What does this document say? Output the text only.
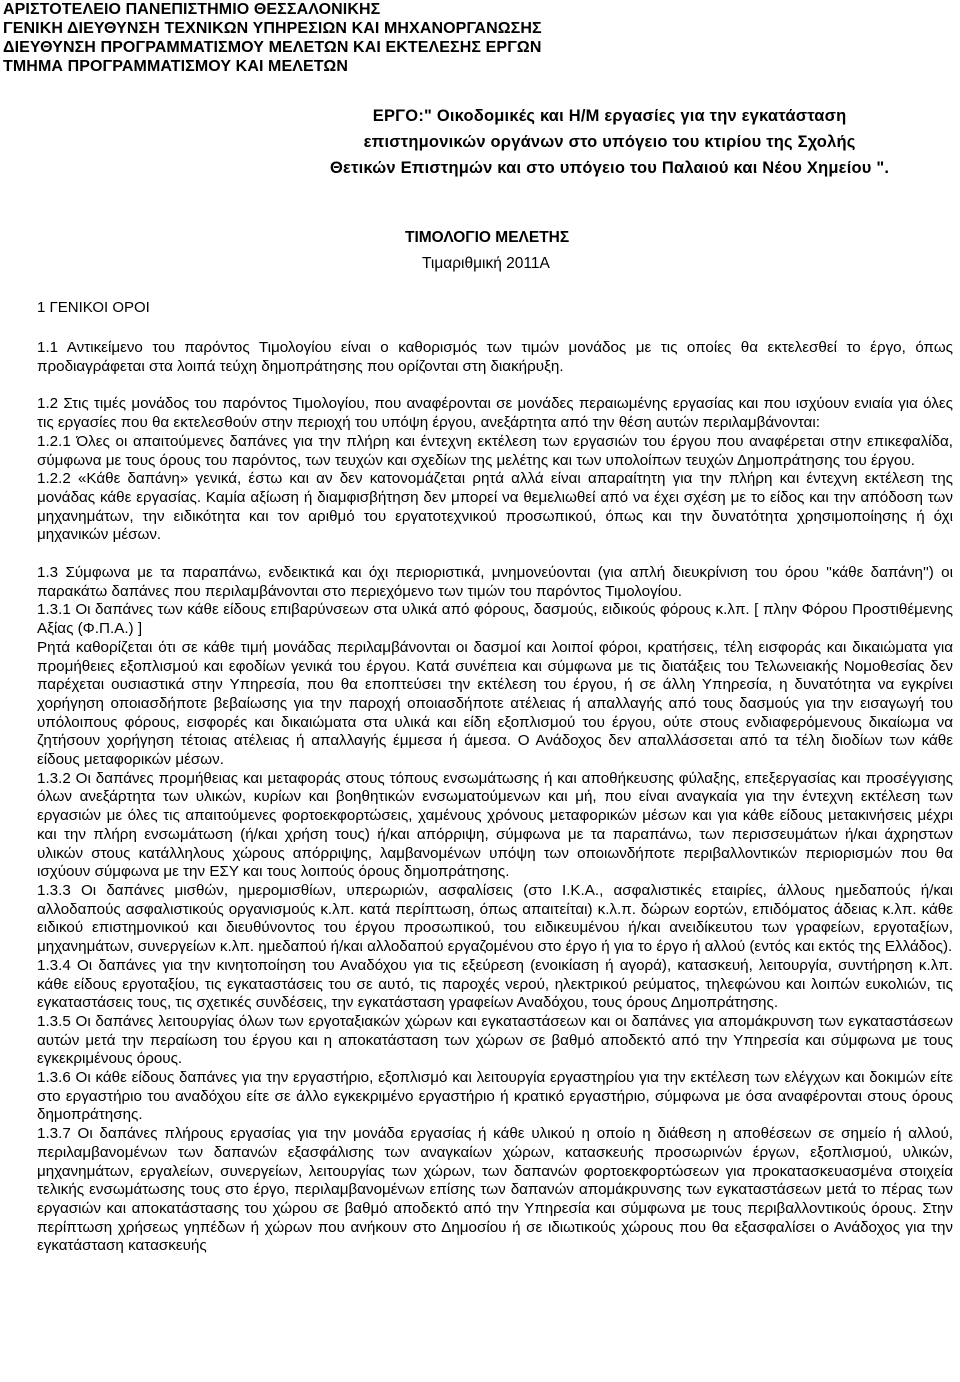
ΑΡΙΣΤΟΤΕΛΕΙΟ ΠΑΝΕΠΙΣΤΗΜΙΟ ΘΕΣΣΑΛΟΝΙΚΗΣ
ΓΕΝΙΚΗ ΔΙΕΥΘΥΝΣΗ ΤΕΧΝΙΚΩΝ ΥΠΗΡΕΣΙΩΝ ΚΑΙ ΜΗΧΑΝΟΡΓΑΝΩΣΗΣ
ΔΙΕΥΘΥΝΣΗ ΠΡΟΓΡΑΜΜΑΤΙΣΜΟΥ ΜΕΛΕΤΩΝ ΚΑΙ ΕΚΤΕΛΕΣΗΣ ΕΡΓΩΝ
ΤΜΗΜΑ ΠΡΟΓΡΑΜΜΑΤΙΣΜΟΥ ΚΑΙ ΜΕΛΕΤΩΝ
ΕΡΓΟ:" Οικοδομικές και Η/Μ εργασίες για την εγκατάσταση
επιστημονικών οργάνων στο υπόγειο του κτιρίου της Σχολής
Θετικών Επιστημών και στο υπόγειο του Παλαιού και Νέου Χημείου ".
ΤΙΜΟΛΟΓΙΟ ΜΕΛΕΤΗΣ
Τιμαριθμική 2011Α
1 ΓΕΝΙΚΟΙ ΟΡΟΙ

1.1 Αντικείμενο του παρόντος Τιμολογίου είναι ο καθορισμός των τιμών μονάδος με τις οποίες θα εκτελεσθεί το έργο, όπως προδιαγράφεται στα λοιπά τεύχη δημοπράτησης που ορίζονται στη διακήρυξη.

1.2 Στις τιμές μονάδος του παρόντος Τιμολογίου, που αναφέρονται σε μονάδες περαιωμένης εργασίας και που ισχύουν ενιαία για όλες τις εργασίες που θα εκτελεσθούν στην περιοχή του υπόψη έργου, ανεξάρτητα από την θέση αυτών περιλαμβάνονται:

1.2.1 Όλες οι απαιτούμενες δαπάνες για την πλήρη και έντεχνη εκτέλεση των εργασιών του έργου που αναφέρεται στην επικεφαλίδα, σύμφωνα με τους όρους του παρόντος, των τευχών και σχεδίων της μελέτης και των υπολοίπων τευχών Δημοπράτησης του έργου.

1.2.2 «Κάθε δαπάνη» γενικά, έστω και αν δεν κατονομάζεται ρητά αλλά είναι απαραίτητη για την πλήρη και έντεχνη εκτέλεση της μονάδας κάθε εργασίας. Καμία αξίωση ή διαμφισβήτηση δεν μπορεί να θεμελιωθεί από να έχει σχέση με το είδος και την απόδοση των μηχανημάτων, την ειδικότητα και τον αριθμό του εργατοτεχνικού προσωπικού, όπως και την δυνατότητα χρησιμοποίησης ή όχι μηχανικών μέσων.

1.3 Σύμφωνα με τα παραπάνω, ενδεικτικά και όχι περιοριστικά, μνημονεύονται (για απλή διευκρίνιση του όρου ''κάθε δαπάνη'') οι παρακάτω δαπάνες που περιλαμβάνονται στο περιεχόμενο των τιμών του παρόντος Τιμολογίου.

1.3.1 Οι δαπάνες των κάθε είδους επιβαρύνσεων στα υλικά από φόρους, δασμούς, ειδικούς φόρους κ.λπ. [ πλην Φόρου Προστιθέμενης Αξίας (Φ.Π.Α.) ]

Ρητά καθορίζεται ότι σε κάθε τιμή μονάδας περιλαμβάνονται οι δασμοί και λοιποί φόροι, κρατήσεις, τέλη εισφοράς και δικαιώματα για προμήθειες εξοπλισμού και εφοδίων γενικά του έργου. Κατά συνέπεια και σύμφωνα με τις διατάξεις του Τελωνειακής Νομοθεσίας δεν παρέχεται ουσιαστικά στην Υπηρεσία, που θα εποπτεύσει την εκτέλεση του έργου, ή σε άλλη Υπηρεσία, η δυνατότητα να εγκρίνει χορήγηση οποιασδήποτε βεβαίωσης για την παροχή οποιασδήποτε ατέλειας ή απαλλαγής από τους δασμούς για την εισαγωγή του υπόλοιπους φόρους, εισφορές και δικαιώματα στα υλικά και είδη εξοπλισμού του έργου, ούτε στους ενδιαφερόμενους δικαίωμα να ζητήσουν χορήγηση τέτοιας ατέλειας ή απαλλαγής έμμεσα ή άμεσα. Ο Ανάδοχος δεν απαλλάσσεται από τα τέλη διοδίων των κάθε είδους μεταφορικών μέσων.

1.3.2 Οι δαπάνες προμήθειας και μεταφοράς στους τόπους ενσωμάτωσης ή και αποθήκευσης φύλαξης, επεξεργασίας και προσέγγισης όλων ανεξάρτητα των υλικών, κυρίων και βοηθητικών ενσωματούμενων και μή, που είναι αναγκαία για την έντεχνη εκτέλεση των εργασιών με όλες τις απαιτούμενες φορτοεκφορτώσεις, χαμένους χρόνους μεταφορικών μέσων και για κάθε είδους μετακινήσεις μέχρι και την πλήρη ενσωμάτωση (ή/και χρήση τους) ή/και απόρριψη, σύμφωνα με τα παραπάνω, των περισσευμάτων ή/και άχρηστων υλικών στους κατάλληλους χώρους απόρριψης, λαμβανομένων υπόψη των οποιωνδήποτε περιβαλλοντικών περιορισμών που θα ισχύουν σύμφωνα με την ΕΣΥ και τους λοιπούς όρους δημοπράτησης.

1.3.3 Οι δαπάνες μισθών, ημερομισθίων, υπερωριών, ασφαλίσεις (στο Ι.Κ.Α., ασφαλιστικές εταιρίες, άλλους ημεδαπούς ή/και αλλοδαπούς ασφαλιστικούς οργανισμούς κ.λπ. κατά περίπτωση, όπως απαιτείται) κ.λ.π. δώρων εορτών, επιδόματος άδειας κ.λπ. κάθε ειδικού επιστημονικού και διευθύνοντος του έργου προσωπικού, του ειδικευμένου ή/και ανειδίκευτου των γραφείων, εργοταξίων, μηχανημάτων, συνεργείων κ.λπ. ημεδαπού ή/και αλλοδαπού εργαζομένου στο έργο ή για το έργο ή αλλού (εντός και εκτός της Ελλάδος).

1.3.4 Οι δαπάνες για την κινητοποίηση του Αναδόχου για τις εξεύρεση (ενοικίαση ή αγορά), κατασκευή, λειτουργία, συντήρηση κ.λπ. κάθε είδους εργοταξίου, τις εγκαταστάσεις του σε αυτό, τις παροχές νερού, ηλεκτρικού ρεύματος, τηλεφώνου και λοιπών ευκολιών, τις εγκαταστάσεις τους, τις σχετικές συνδέσεις, την εγκατάσταση γραφείων Αναδόχου, τους όρους Δημοπράτησης.

1.3.5 Οι δαπάνες λειτουργίας όλων των εργοταξιακών χώρων και εγκαταστάσεων και οι δαπάνες για απομάκρυνση των εγκαταστάσεων αυτών μετά την περαίωση του έργου και η αποκατάσταση των χώρων σε βαθμό αποδεκτό από την Υπηρεσία και σύμφωνα με τους εγκεκριμένους όρους.

1.3.6 Οι κάθε είδους δαπάνες για την εργαστήριο, εξοπλισμό και λειτουργία εργαστηρίου για την εκτέλεση των ελέγχων και δοκιμών είτε στο εργαστήριο του αναδόχου είτε σε άλλο εγκεκριμένο εργαστήριο ή κρατικό εργαστήριο, σύμφωνα με όσα αναφέρονται στους όρους δημοπράτησης.

1.3.7 Οι δαπάνες πλήρους εργασίας για την μονάδα εργασίας ή κάθε υλικού η οποίο η διάθεση η αποθέσεων σε σημείο ή αλλού, περιλαμβανομένων των δαπανών εξασφάλισης των αναγκαίων χώρων, κατασκευής προσωρινών έργων, εξοπλισμού, υλικών, μηχανημάτων, εργαλείων, συνεργείων, λειτουργίας των χώρων, των δαπανών φορτοεκφορτώσεων για προκατασκευασμένα στοιχεία τελικής ενσωμάτωσης τους στο έργο, περιλαμβανομένων επίσης των δαπανών απομάκρυνσης των εγκαταστάσεων μετά το πέρας των εργασιών και αποκατάστασης του χώρου σε βαθμό αποδεκτό από την Υπηρεσία και σύμφωνα με τους περιβαλλοντικούς όρους. Στην περίπτωση χρήσεως γηπέδων ή χώρων που ανήκουν στο Δημοσίου ή σε ιδιωτικούς χώρους που θα εξασφαλίσει ο Ανάδοχος για την εγκατάσταση κατασκευής
